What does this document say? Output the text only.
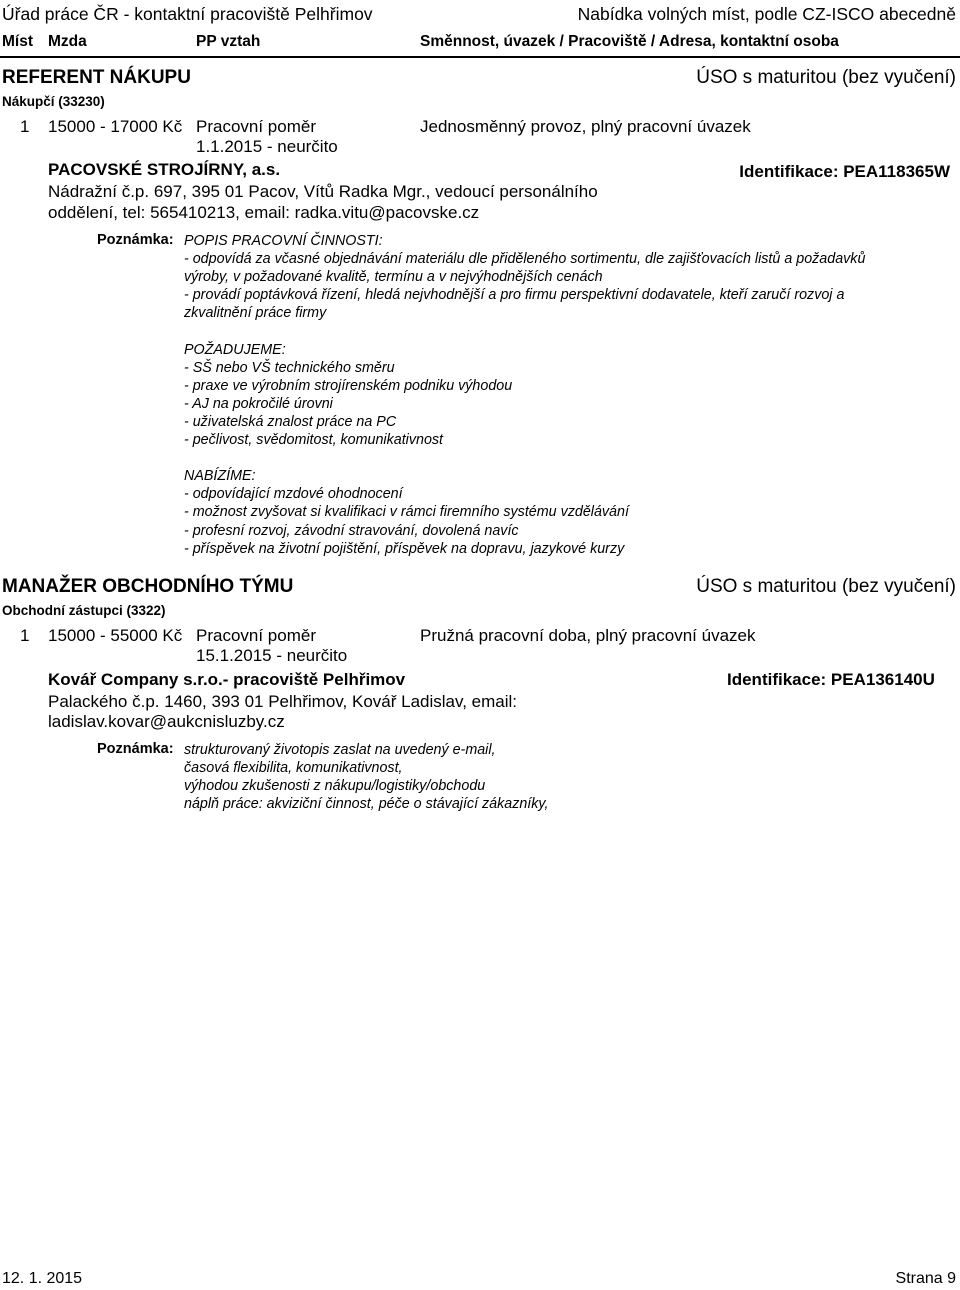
Úřad práce ČR - kontaktní pracoviště Pelhřimov	Nabídka volných míst, podle CZ-ISCO abecedně
Míst Mzda	PP vztah	Směnnost, úvazek / Pracoviště / Adresa, kontaktní osoba
REFERENT NÁKUPU	ÚSO s maturitou (bez vyučení)
Nákupčí (33230)
1 15000 - 17000 Kč Pracovní poměr	Jednosměnný provoz, plný pracovní úvazek
1.1.2015 - neurčito
PACOVSKÉ STROJÍRNY, a.s.	Identifikace: PEA118365W
Nádražní č.p. 697, 395 01 Pacov, Vítů Radka Mgr., vedoucí personálního
oddělení, tel: 565410213, email: radka.vitu@pacovske.cz
Poznámka: POPIS PRACOVNÍ ČINNOSTI:
- odpovídá za včasné objednávání materiálu dle přiděleného sortimentu, dle zajišťovacích listů a požadavků
výroby, v požadované kvalitě, termínu a v nejvýhodnějších cenách
- provádí poptávková řízení, hledá nejvhodnější a pro firmu perspektivní dodavatele, kteří zaručí rozvoj a
zkvalitnění práce firmy
POŽADUJEME:
- SŠ nebo VŠ technického směru
- praxe ve výrobním strojírenském podniku výhodou
- AJ na pokročilé úrovni
- uživatelská znalost práce na PC
- pečlivost, svědomitost, komunikativnost
NABÍZÍME:
- odpovídající mzdové ohodnocení
- možnost zvyšovat si kvalifikaci v rámci firemního systému vzdělávání
- profesní rozvoj, závodní stravování, dovolená navíc
- příspěvek na životní pojištění, příspěvek na dopravu, jazykové kurzy
MANAŽER OBCHODNÍHO TÝMU	ÚSO s maturitou (bez vyučení)
Obchodní zástupci (3322)
1 15000 - 55000 Kč Pracovní poměr	Pružná pracovní doba, plný pracovní úvazek
15.1.2015 - neurčito
Kovář Company s.r.o.- pracoviště Pelhřimov	Identifikace: PEA136140U
Palackého č.p. 1460, 393 01 Pelhřimov, Kovář Ladislav, email:
ladislav.kovar@aukcnisluzby.cz
Poznámka: strukturovaný životopis zaslat na uvedený e-mail,
časová flexibilita, komunikativnost,
výhodou zkušenosti z nákupu/logistiky/obchodu
náplň práce: akviziční činnost, péče o stávající zákazníky,
12. 1. 2015	Strana 9
